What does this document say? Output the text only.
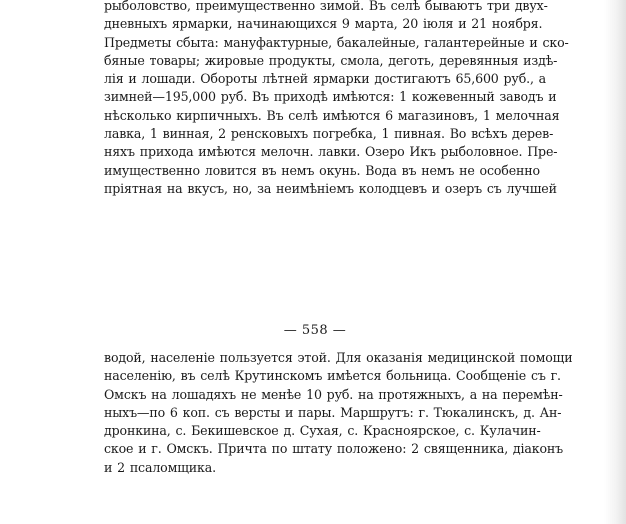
рыболовство, преимущественно зимой. Въ селѣ бываютъ три двух-
дневныхъ ярмарки, начинающихся 9 марта, 20 іюля и 21 ноября.
Предметы сбыта: мануфактурные, бакалейные, галантерейные и ско-
бяные товары; жировые продукты, смола, деготь, деревянныя издѣ-
лія и лошади. Обороты лѣтней ярмарки достигаютъ 65,600 руб., а
зимней—195,000 руб. Въ приходѣ имѣются: 1 кожевенный заводъ и
нѣсколько кирпичныхъ. Въ селѣ имѣются 6 магазиновъ, 1 мелочная
лавка, 1 винная, 2 ренсковыхъ погребка, 1 пивная. Во всѣхъ дерев-
няхъ прихода имѣются мелочн. лавки. Озеро Икъ рыболовное. Пре-
имущественно ловится въ немъ окунь. Вода въ немъ не особенно
пріятная на вкусъ, но, за неимѣніемъ колодцевъ и озеръ съ лучшей
— 558 —
водой, населеніе пользуется этой. Для оказанія медицинской помощи
населенію, въ селѣ Крутинскомъ имѣется больница. Сообщеніе съ г.
Омскъ на лошадяхъ не менѣе 10 руб. на протяжныхъ, а на перемѣн-
ныхъ—по 6 коп. съ версты и пары. Маршрутъ: г. Тюкалинскъ, д. Ан-
дронкина, с. Бекишевское д. Сухая, с. Красноярское, с. Кулачин-
ское и г. Омскъ. Причта по штату положено: 2 священника, діаконъ
и 2 псаломщика.
